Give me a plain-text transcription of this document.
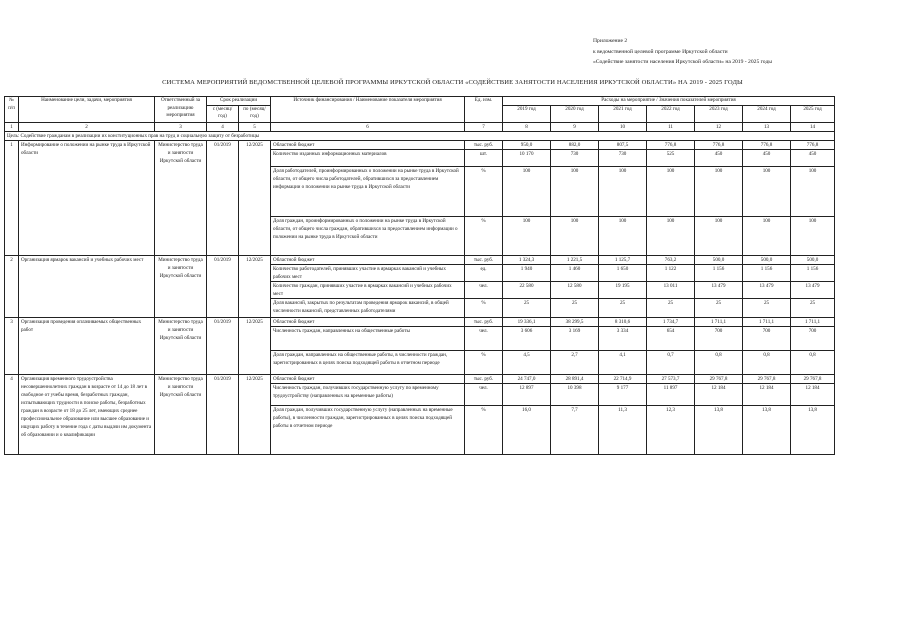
Приложение 2
к ведомственной целевой программе Иркутской области
«Содействие занятости населения Иркутской области» на 2019 - 2025 годы
СИСТЕМА МЕРОПРИЯТИЙ ВЕДОМСТВЕННОЙ ЦЕЛЕВОЙ ПРОГРАММЫ ИРКУТСКОЙ ОБЛАСТИ «СОДЕЙСТВИЕ ЗАНЯТОСТИ НАСЕЛЕНИЯ ИРКУТСКОЙ ОБЛАСТИ» НА 2019 - 2025 ГОДЫ
№ п/п	Наименование цели, задачи, мероприятия	Ответственный за реализацию мероприятия	Срок реализации		Источник финансирования / Наименование показателя мероприятия	Ед. изм.	Расходы на мероприятие / Значения показателей мероприятия						
			с (месяц/год)	по (месяц/год)			2019 год	2020 год	2021 год	2022 год	2023 год	2024 год	2025 год
1	2	3	4	5	6	7	8	9	10	11	12	13	14
Цель: Содействие гражданам в реализации их конституционных прав на труд и социальную защиту от безработицы													
1	Информирование о положении на рынке труда в Иркутской области	Министерство труда и занятости Иркутской области	01/2019	12/2025	Областной бюджет	тыс. руб.	950,0	882,0	807,5	776,8	776,8	776,8	776,8
					Количество изданных информационных материалов	шт.	10 170	730	730	525	450	450	450
					Доля работодателей, проинформированных о положении на рынке труда в Иркутской области, от общего числа работодателей, обратившихся за предоставлением информации о положении на рынке труда в Иркутской области	%	100	100	100	100	100	100	100
					Доля граждан, проинформированных о положении на рынке труда в Иркутской области, от общего числа граждан, обратившихся за предоставлением информации о положении на рынке труда в Иркутской области	%	100	100	100	100	100	100	100
2	Организация ярмарок вакансий и учебных рабочих мест	Министерство труда и занятости Иркутской области	01/2019	12/2025	Областной бюджет	тыс. руб.	1 324,3	1 221,5	1 125,7	763,2	500,0	500,0	500,0
					Количество работодателей, принявших участие в ярмарках вакансий и учебных рабочих мест	ед.	1 940	1 460	1 650	1 122	1 156	1 156	1 156
					Количество граждан, принявших участие в ярмарках вакансий и учебных рабочих мест	чел.	22 580	12 580	19 195	13 011	13 479	13 479	13 479
					Доля вакансий, закрытых по результатам проведения ярмарок вакансий, в общей численности вакансий, представленных работодателями	%	25	25	25	25	25	25	25
3	Организация проведения оплачиваемых общественных работ	Министерство труда и занятости Иркутской области	01/2019	12/2025	Областной бюджет	тыс. руб.	19 336,1	38 299,5	8 310,6	1 734,7	1 711,1	1 711,1	1 711,1
					Численность граждан, направленных на общественные работы	чел.	3 606	3 169	3 334	654	700	700	700
					Доля граждан, направленных на общественные работы, в численности граждан, зарегистрированных в целях поиска подходящей работы в отчетном периоде	%	4,5	2,7	4,1	0,7	0,8	0,8	0,8
4	Организация временного трудоустройства несовершеннолетних граждан в возрасте от 14 до 18 лет в свободное от учебы время, безработных граждан, испытывающих трудности в поиске работы, безработных граждан в возрасте от 18 до 25 лет, имеющих среднее профессиональное образование или высшее образование и ищущих работу в течение года с даты выдачи им документа об образовании и о квалификации	Министерство труда и занятости Иркутской области	01/2019	12/2025	Областной бюджет	тыс. руб.	24 747,0	28 891,4	22 714,9	27 573,7	29 767,8	29 767,8	29 767,8
					Численность граждан, получивших государственную услугу по временному трудоустройству (направленных на временные работы)	чел.	12 897	10 398	9 177	11 897	12 184	12 184	12 184
					Доля граждан, получивших государственную услугу (направленных на временные работы), в численности граждан, зарегистрированных в целях поиска подходящей работы в отчетном периоде	%	16,0	7,7	11,3	12,3	13,8	13,8	13,8
